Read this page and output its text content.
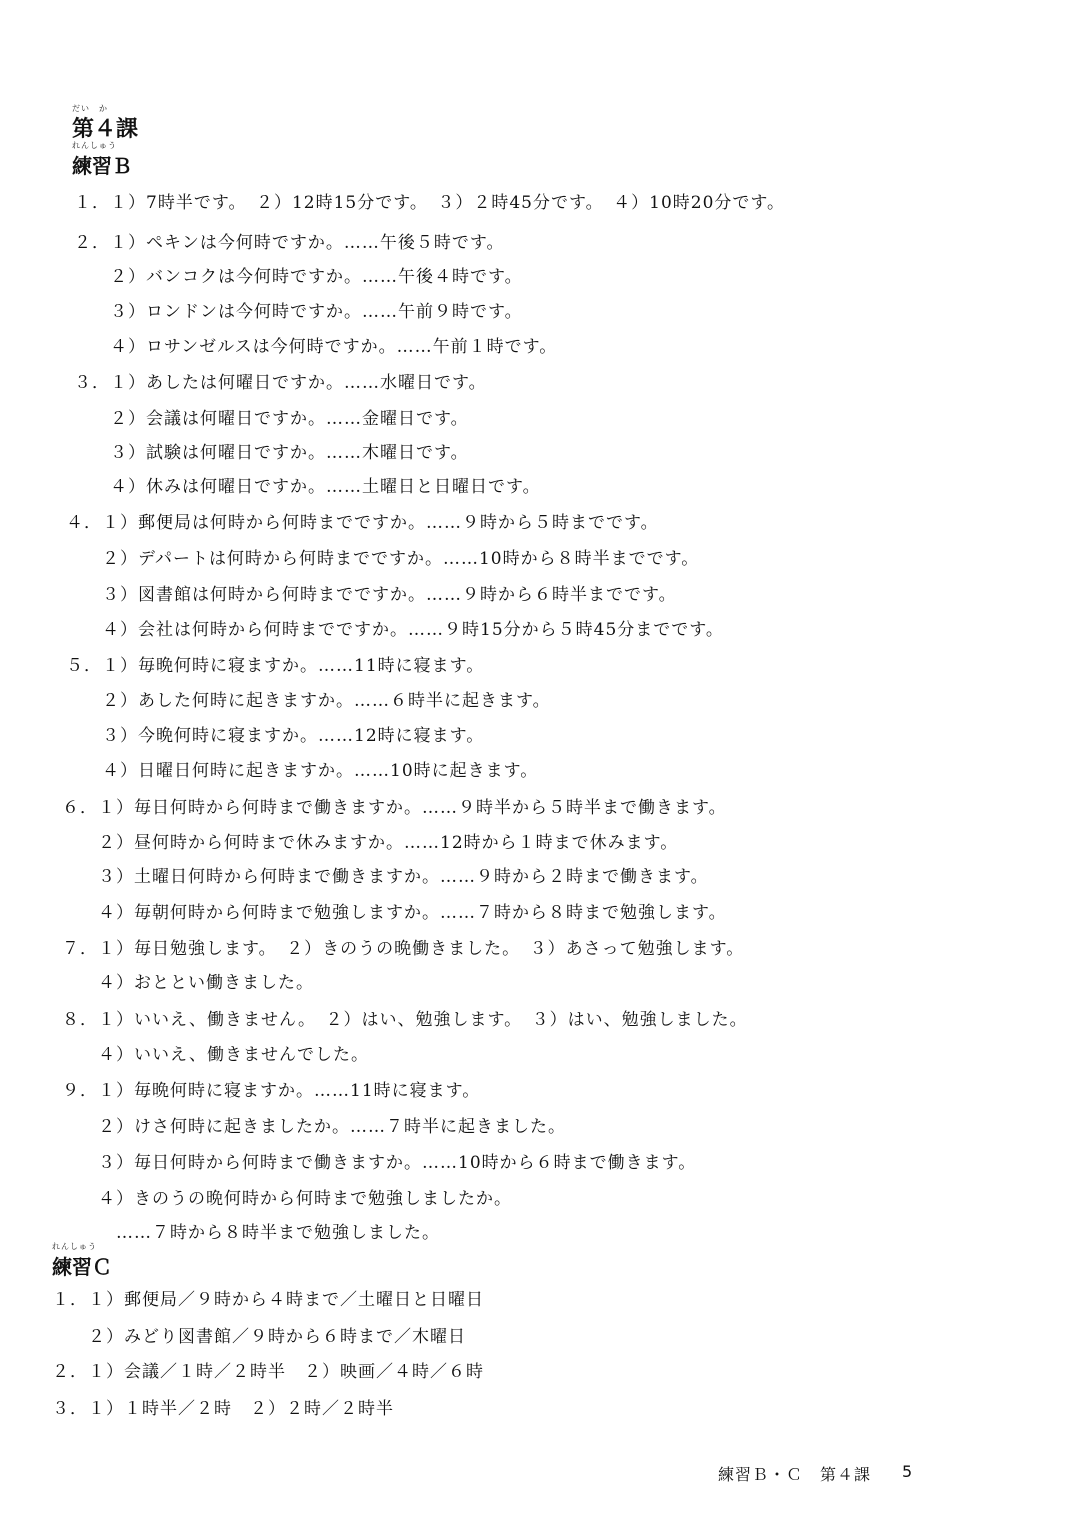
だい　か
第４課
れんしゅう
練習Ｂ
１．１）7時半です。　２）12時15分です。　３）２時45分です。　４）10時20分です。
２．１）ペキンは今何時ですか。……午後５時です。
　　２）バンコクは今何時ですか。……午後４時です。
　　３）ロンドンは今何時ですか。……午前９時です。
　　４）ロサンゼルスは今何時ですか。……午前１時です。
３．１）あしたは何曜日ですか。……水曜日です。
　　２）会議は何曜日ですか。……金曜日です。
　　３）試験は何曜日ですか。……木曜日です。
　　４）休みは何曜日ですか。……土曜日と日曜日です。
４．１）郵便局は何時から何時までですか。……９時から５時までです。
　　２）デパートは何時から何時までですか。……10時から８時半までです。
　　３）図書館は何時から何時までですか。……９時から６時半までです。
　　４）会社は何時から何時までですか。……９時15分から５時45分までです。
５．１）毎晩何時に寝ますか。……11時に寝ます。
　　２）あした何時に起きますか。……６時半に起きます。
　　３）今晩何時に寝ますか。……12時に寝ます。
　　４）日曜日何時に起きますか。……10時に起きます。
６．１）毎日何時から何時まで働きますか。……９時半から５時半まで働きます。
　　２）昼何時から何時まで休みますか。……12時から１時まで休みます。
　　３）土曜日何時から何時まで働きますか。……９時から２時まで働きます。
　　４）毎朝何時から何時まで勉強しますか。……７時から８時まで勉強します。
７．１）毎日勉強します。　２）きのうの晩働きました。　３）あさって勉強します。
　　４）おととい働きました。
８．１）いいえ、働きません。　２）はい、勉強します。　３）はい、勉強しました。
　　４）いいえ、働きませんでした。
９．１）毎晩何時に寝ますか。……11時に寝ます。
　　２）けさ何時に起きましたか。……７時半に起きました。
　　３）毎日何時から何時まで働きますか。……10時から６時まで働きます。
　　４）きのうの晩何時から何時まで勉強しましたか。
　　　……７時から８時半まで勉強しました。
れんしゅう
練習Ｃ
１．１）郵便局／９時から４時まで／土曜日と日曜日
　　２）みどり図書館／９時から６時まで／木曜日
２．１）会議／１時／２時半　２）映画／４時／６時
３．１）１時半／２時　２）２時／２時半
練習Ｂ・Ｃ　第４課 5
